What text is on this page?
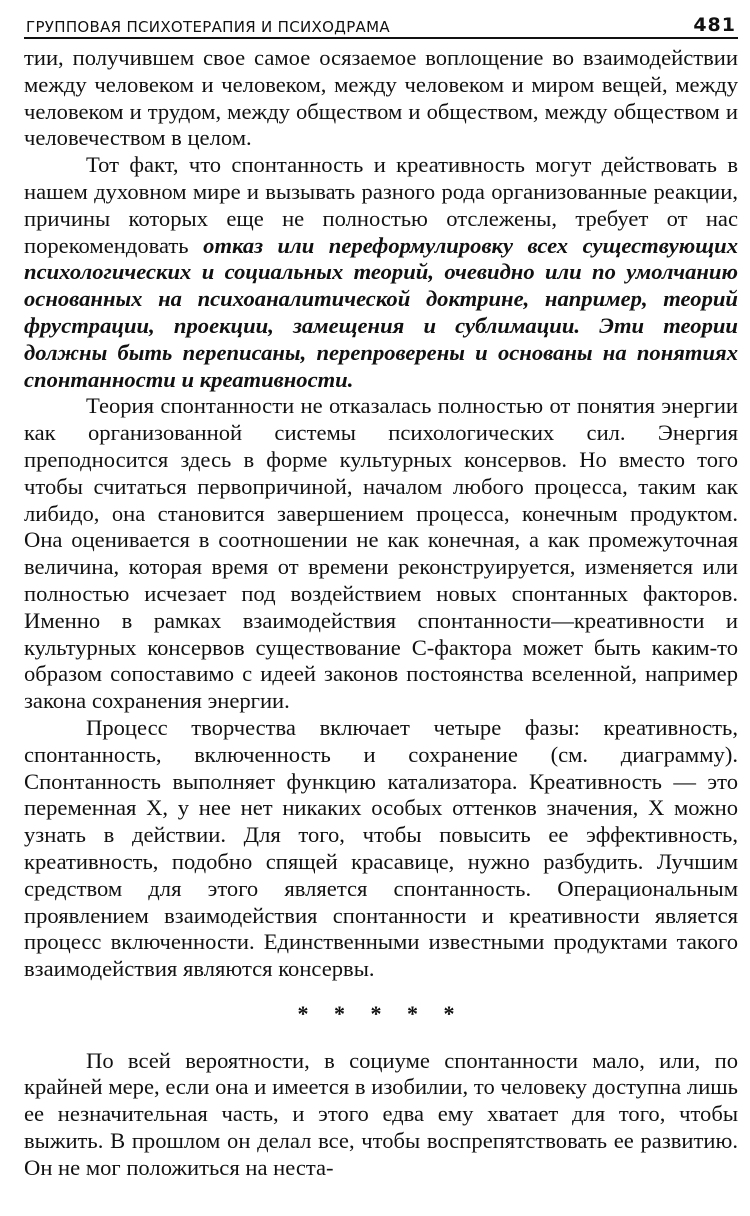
ГРУППОВАЯ ПСИХОТЕРАПИЯ И ПСИХОДРАМА	481

тии, получившем свое самое осязаемое воплощение во взаимодействии между человеком и человеком, между человеком и миром вещей, между человеком и трудом, между обществом и обществом, между обществом и человечеством в целом.

Тот факт, что спонтанность и креативность могут действовать в нашем духовном мире и вызывать разного рода организованные реакции, причины которых еще не полностью отслежены, требует от нас порекомендовать отказ или переформулировку всех существующих психологических и социальных теорий, очевидно или по умолчанию основанных на психоаналитической доктрине, например, теорий фрустрации, проекции, замещения и сублимации. Эти теории должны быть переписаны, перепроверены и основаны на понятиях спонтанности и креативности.

Теория спонтанности не отказалась полностью от понятия энергии как организованной системы психологических сил. Энергия преподносится здесь в форме культурных консервов. Но вместо того чтобы считаться первопричиной, началом любого процесса, таким как либидо, она становится завершением процесса, конечным продуктом. Она оценивается в соотношении не как конечная, а как промежуточная величина, которая время от времени реконструируется, изменяется или полностью исчезает под воздействием новых спонтанных факторов. Именно в рамках взаимодействия спонтанности—креативности и культурных консервов существование С-фактора может быть каким-то образом сопоставимо с идеей законов постоянства вселенной, например закона сохранения энергии.

Процесс творчества включает четыре фазы: креативность, спонтанность, включенность и сохранение (см. диаграмму). Спонтанность выполняет функцию катализатора. Креативность — это переменная X, у нее нет никаких особых оттенков значения, X можно узнать в действии. Для того, чтобы повысить ее эффективность, креативность, подобно спящей красавице, нужно разбудить. Лучшим средством для этого является спонтанность. Операциональным проявлением взаимодействия спонтанности и креативности является процесс включенности. Единственными известными продуктами такого взаимодействия являются консервы.

* * * * *

По всей вероятности, в социуме спонтанности мало, или, по крайней мере, если она и имеется в изобилии, то человеку доступна лишь ее незначительная часть, и этого едва ему хватает для того, чтобы выжить. В прошлом он делал все, чтобы воспрепятствовать ее развитию. Он не мог положиться на неста-
